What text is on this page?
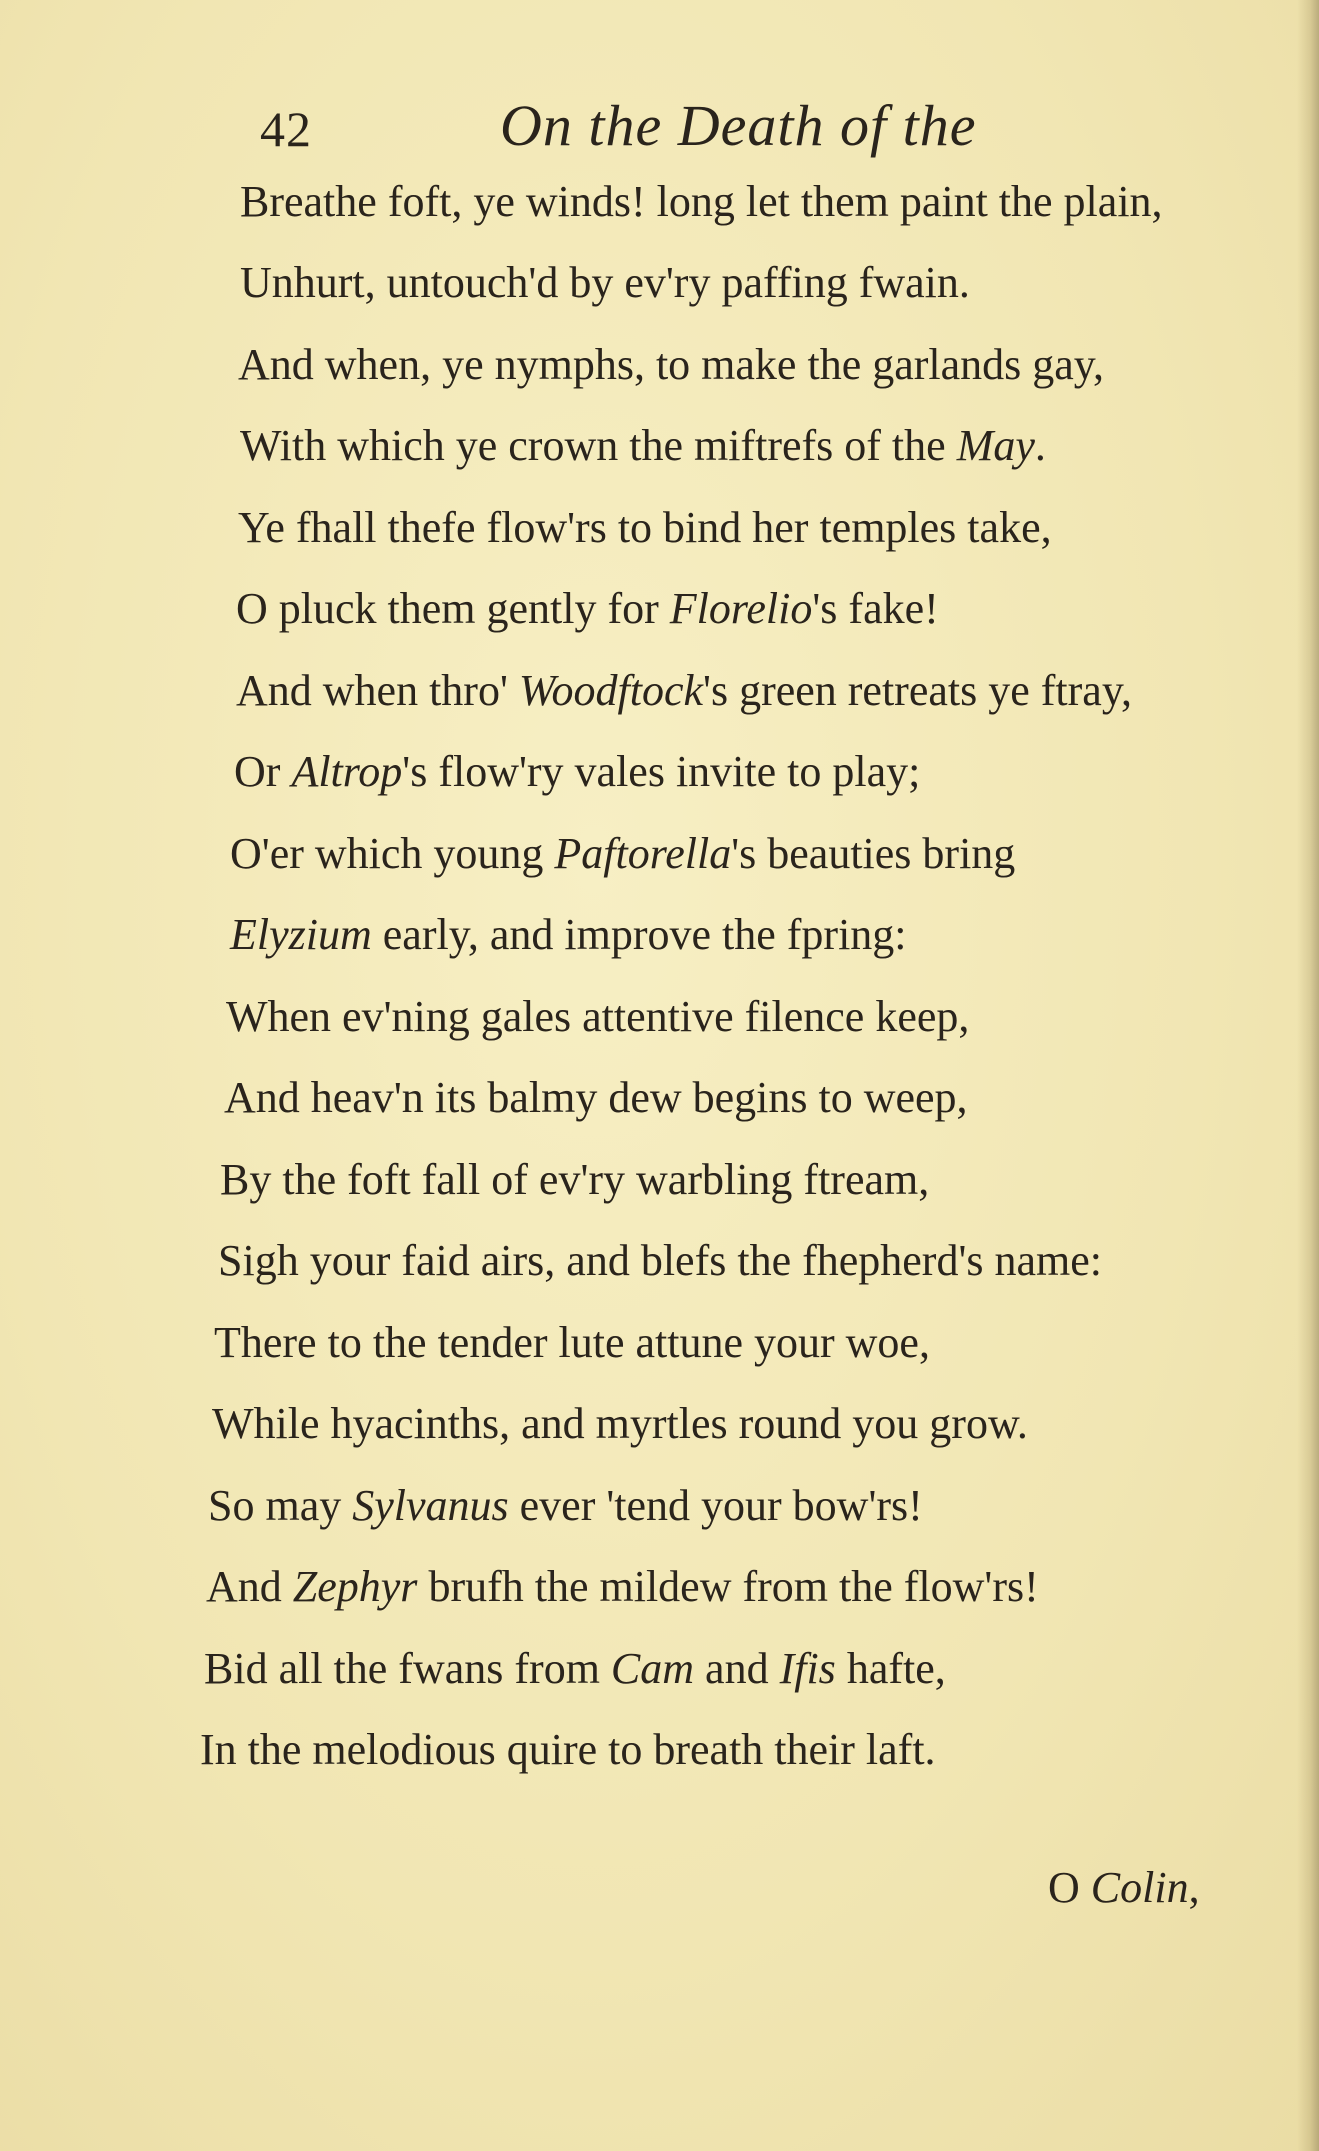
42	On the Death of the
Breathe foft, ye winds! long let them paint the plain,
Unhurt, untouch'd by ev'ry paffing fwain.
And when, ye nymphs, to make the garlands gay,
With which ye crown the miftrefs of the May.
Ye fhall thefe flow'rs to bind her temples take,
O pluck them gently for Florelio's fake!
And when thro' Woodftock's green retreats ye ftray,
Or Altrop's flow'ry vales invite to play;
O'er which young Paftorella's beauties bring
Elyzium early, and improve the fpring:
When ev'ning gales attentive filence keep,
And heav'n its balmy dew begins to weep,
By the foft fall of ev'ry warbling ftream,
Sigh your faid airs, and blefs the fhepherd's name:
There to the tender lute attune your woe,
While hyacinths, and myrtles round you grow.
So may Sylvanus ever 'tend your bow'rs!
And Zephyr brufh the mildew from the flow'rs!
Bid all the fwans from Cam and Ifis hafte,
In the melodious quire to breath their laft.
O Colin,
